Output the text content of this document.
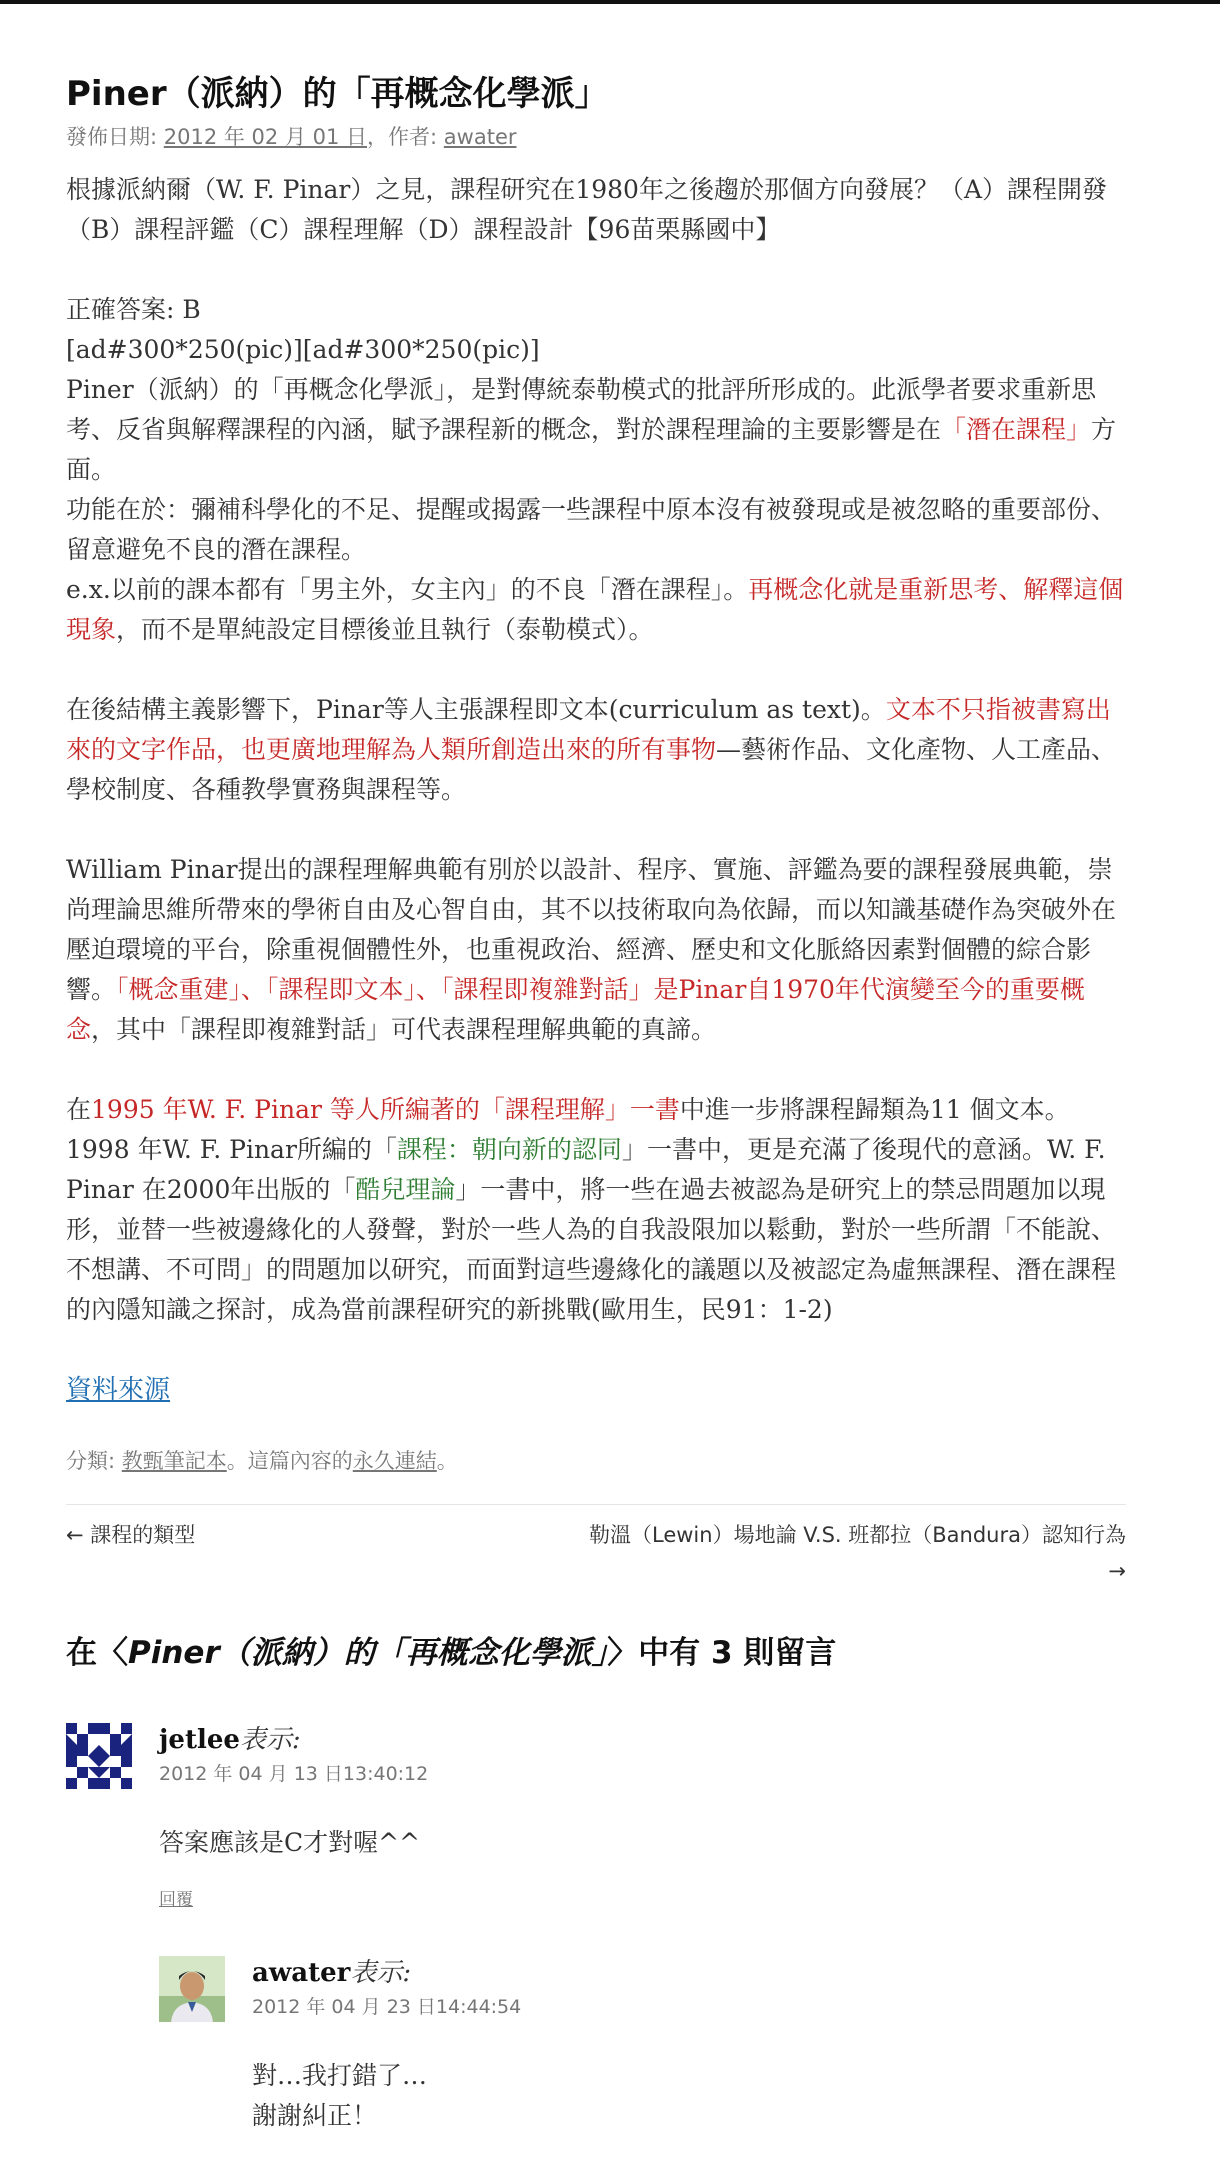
Piner（派納）的「再概念化學派」
發佈日期: 2012 年 02 月 01 日，作者: awater

根據派納爾（W. F. Pinar）之見，課程研究在1980年之後趨於那個方向發展？（A）課程開發（B）課程評鑑（C）課程理解（D）課程設計【96苗栗縣國中】

正確答案: B

[ad#300*250(pic)][ad#300*250(pic)]

Piner（派納）的「再概念化學派」，是對傳統泰勒模式的批評所形成的。此派學者要求重新思考、反省與解釋課程的內涵，賦予課程新的概念，對於課程理論的主要影響是在「潛在課程」方面。

功能在於：彌補科學化的不足、提醒或揭露一些課程中原本沒有被發現或是被忽略的重要部份、留意避免不良的潛在課程。

e.x.以前的課本都有「男主外，女主內」的不良「潛在課程」。再概念化就是重新思考、解釋這個現象，而不是單純設定目標後並且執行（泰勒模式）。

在後結構主義影響下，Pinar等人主張課程即文本(curriculum as text)。文本不只指被書寫出來的文字作品，也更廣地理解為人類所創造出來的所有事物—藝術作品、文化產物、人工產品、學校制度、各種教學實務與課程等。

William Pinar提出的課程理解典範有別於以設計、程序、實施、評鑑為要的課程發展典範，崇尚理論思維所帶來的學術自由及心智自由，其不以技術取向為依歸，而以知識基礎作為突破外在壓迫環境的平台，除重視個體性外，也重視政治、經濟、歷史和文化脈絡因素對個體的綜合影響。「概念重建」、「課程即文本」、「課程即複雜對話」是Pinar自1970年代演變至今的重要概念，其中「課程即複雜對話」可代表課程理解典範的真諦。

在1995 年W. F. Pinar 等人所編著的「課程理解」一書中進一步將課程歸類為11 個文本。1998 年W. F. Pinar所編的「課程：朝向新的認同」一書中，更是充滿了後現代的意涵。W. F. Pinar 在2000年出版的「酷兒理論」一書中，將一些在過去被認為是研究上的禁忌問題加以現形，並替一些被邊緣化的人發聲，對於一些人為的自我設限加以鬆動，對於一些所謂「不能說、不想講、不可問」的問題加以研究，而面對這些邊緣化的議題以及被認定為虛無課程、潛在課程的內隱知識之探討，成為當前課程研究的新挑戰(歐用生，民91：1-2)

資料來源

分類: 教甄筆記本。這篇內容的永久連結。
← 課程的類型	勒溫（Lewin）場地論 V.S. 班都拉（Bandura）認知行為 →
在〈Piner（派納）的「再概念化學派」〉中有 3 則留言
jetlee表示:
2012 年 04 月 13 日13:40:12
答案應該是C才對喔^^
回覆
awater表示:
2012 年 04 月 23 日14:44:54
對…我打錯了…
謝謝糾正！
